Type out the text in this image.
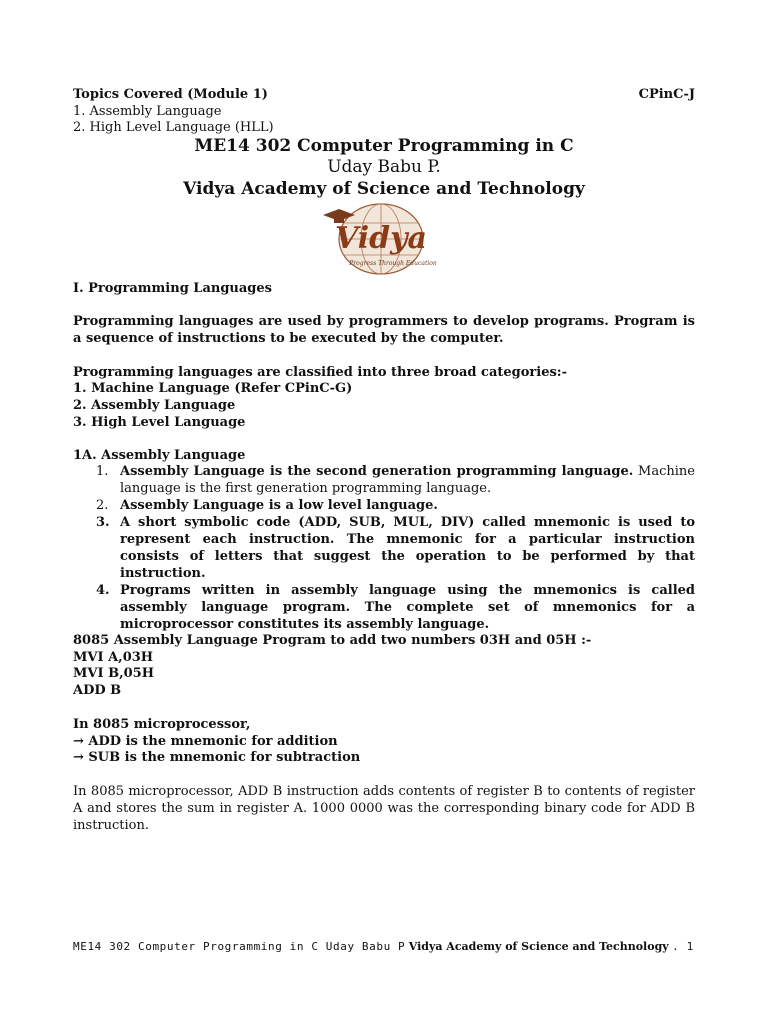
Topics Covered (Module 1)	CPinC-J
1. Assembly Language
2. High Level Language (HLL)
ME14 302 Computer Programming in C
Uday Babu P.
Vidya Academy of Science and Technology
Vidya
Progress Through Education
I. Programming Languages
Programming languages are used by programmers to develop programs. Program is a sequence of instructions to be executed by the computer.
Programming languages are classified into three broad categories:-
1. Machine Language (Refer CPinC-G)
2. Assembly Language
3. High Level Language
1A. Assembly Language
1. Assembly Language is the second generation programming language. Machine language is the first generation programming language.
2. Assembly Language is a low level language.
3. A short symbolic code (ADD, SUB, MUL, DIV) called mnemonic is used to represent each instruction. The mnemonic for a particular instruction consists of letters that suggest the operation to be performed by that instruction.
4. Programs written in assembly language using the mnemonics is called assembly language program. The complete set of mnemonics for a microprocessor constitutes its assembly language.
8085 Assembly Language Program to add two numbers 03H and 05H :-
MVI A,03H
MVI B,05H
ADD B
In 8085 microprocessor,
→ ADD is the mnemonic for addition
→ SUB is the mnemonic for subtraction
In 8085 microprocessor, ADD B instruction adds contents of register B to contents of register A and stores the sum in register A. 1000 0000 was the corresponding binary code for ADD B instruction.
ME14 302 Computer Programming in C Uday Babu P Vidya Academy of Science and Technology . 1
